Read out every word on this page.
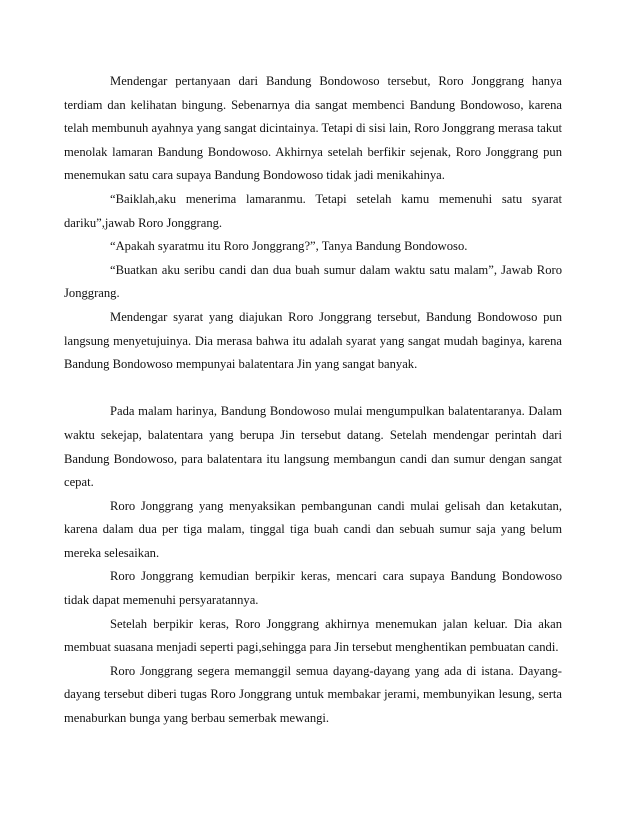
Mendengar pertanyaan dari Bandung Bondowoso tersebut, Roro Jonggrang hanya terdiam dan kelihatan bingung. Sebenarnya dia sangat membenci Bandung Bondowoso, karena telah membunuh ayahnya yang sangat dicintainya. Tetapi di sisi lain, Roro Jonggrang merasa takut menolak lamaran Bandung Bondowoso. Akhirnya setelah berfikir sejenak, Roro Jonggrang pun menemukan satu cara supaya Bandung Bondowoso tidak jadi menikahinya.

“Baiklah,aku menerima lamaranmu. Tetapi setelah kamu memenuhi satu syarat dariku”,jawab Roro Jonggrang.

“Apakah syaratmu itu Roro Jonggrang?”, Tanya Bandung Bondowoso.

“Buatkan aku seribu candi dan dua buah sumur dalam waktu satu malam”, Jawab Roro Jonggrang.

Mendengar syarat yang diajukan Roro Jonggrang tersebut, Bandung Bondowoso pun langsung menyetujuinya. Dia merasa bahwa itu adalah syarat yang sangat mudah baginya, karena Bandung Bondowoso mempunyai balatentara Jin yang sangat banyak.

Pada malam harinya, Bandung Bondowoso mulai mengumpulkan balatentaranya. Dalam waktu sekejap, balatentara yang berupa Jin tersebut datang. Setelah mendengar perintah dari Bandung Bondowoso, para balatentara itu langsung membangun candi dan sumur dengan sangat cepat.

Roro Jonggrang yang menyaksikan pembangunan candi mulai gelisah dan ketakutan, karena dalam dua per tiga malam, tinggal tiga buah candi dan sebuah sumur saja yang belum mereka selesaikan.

Roro Jonggrang kemudian berpikir keras, mencari cara supaya Bandung Bondowoso tidak dapat memenuhi persyaratannya.

Setelah berpikir keras, Roro Jonggrang akhirnya menemukan jalan keluar. Dia akan membuat suasana menjadi seperti pagi,sehingga para Jin tersebut menghentikan pembuatan candi.

Roro Jonggrang segera memanggil semua dayang-dayang yang ada di istana. Dayang-dayang tersebut diberi tugas Roro Jonggrang untuk membakar jerami, membunyikan lesung, serta menaburkan bunga yang berbau semerbak mewangi.
